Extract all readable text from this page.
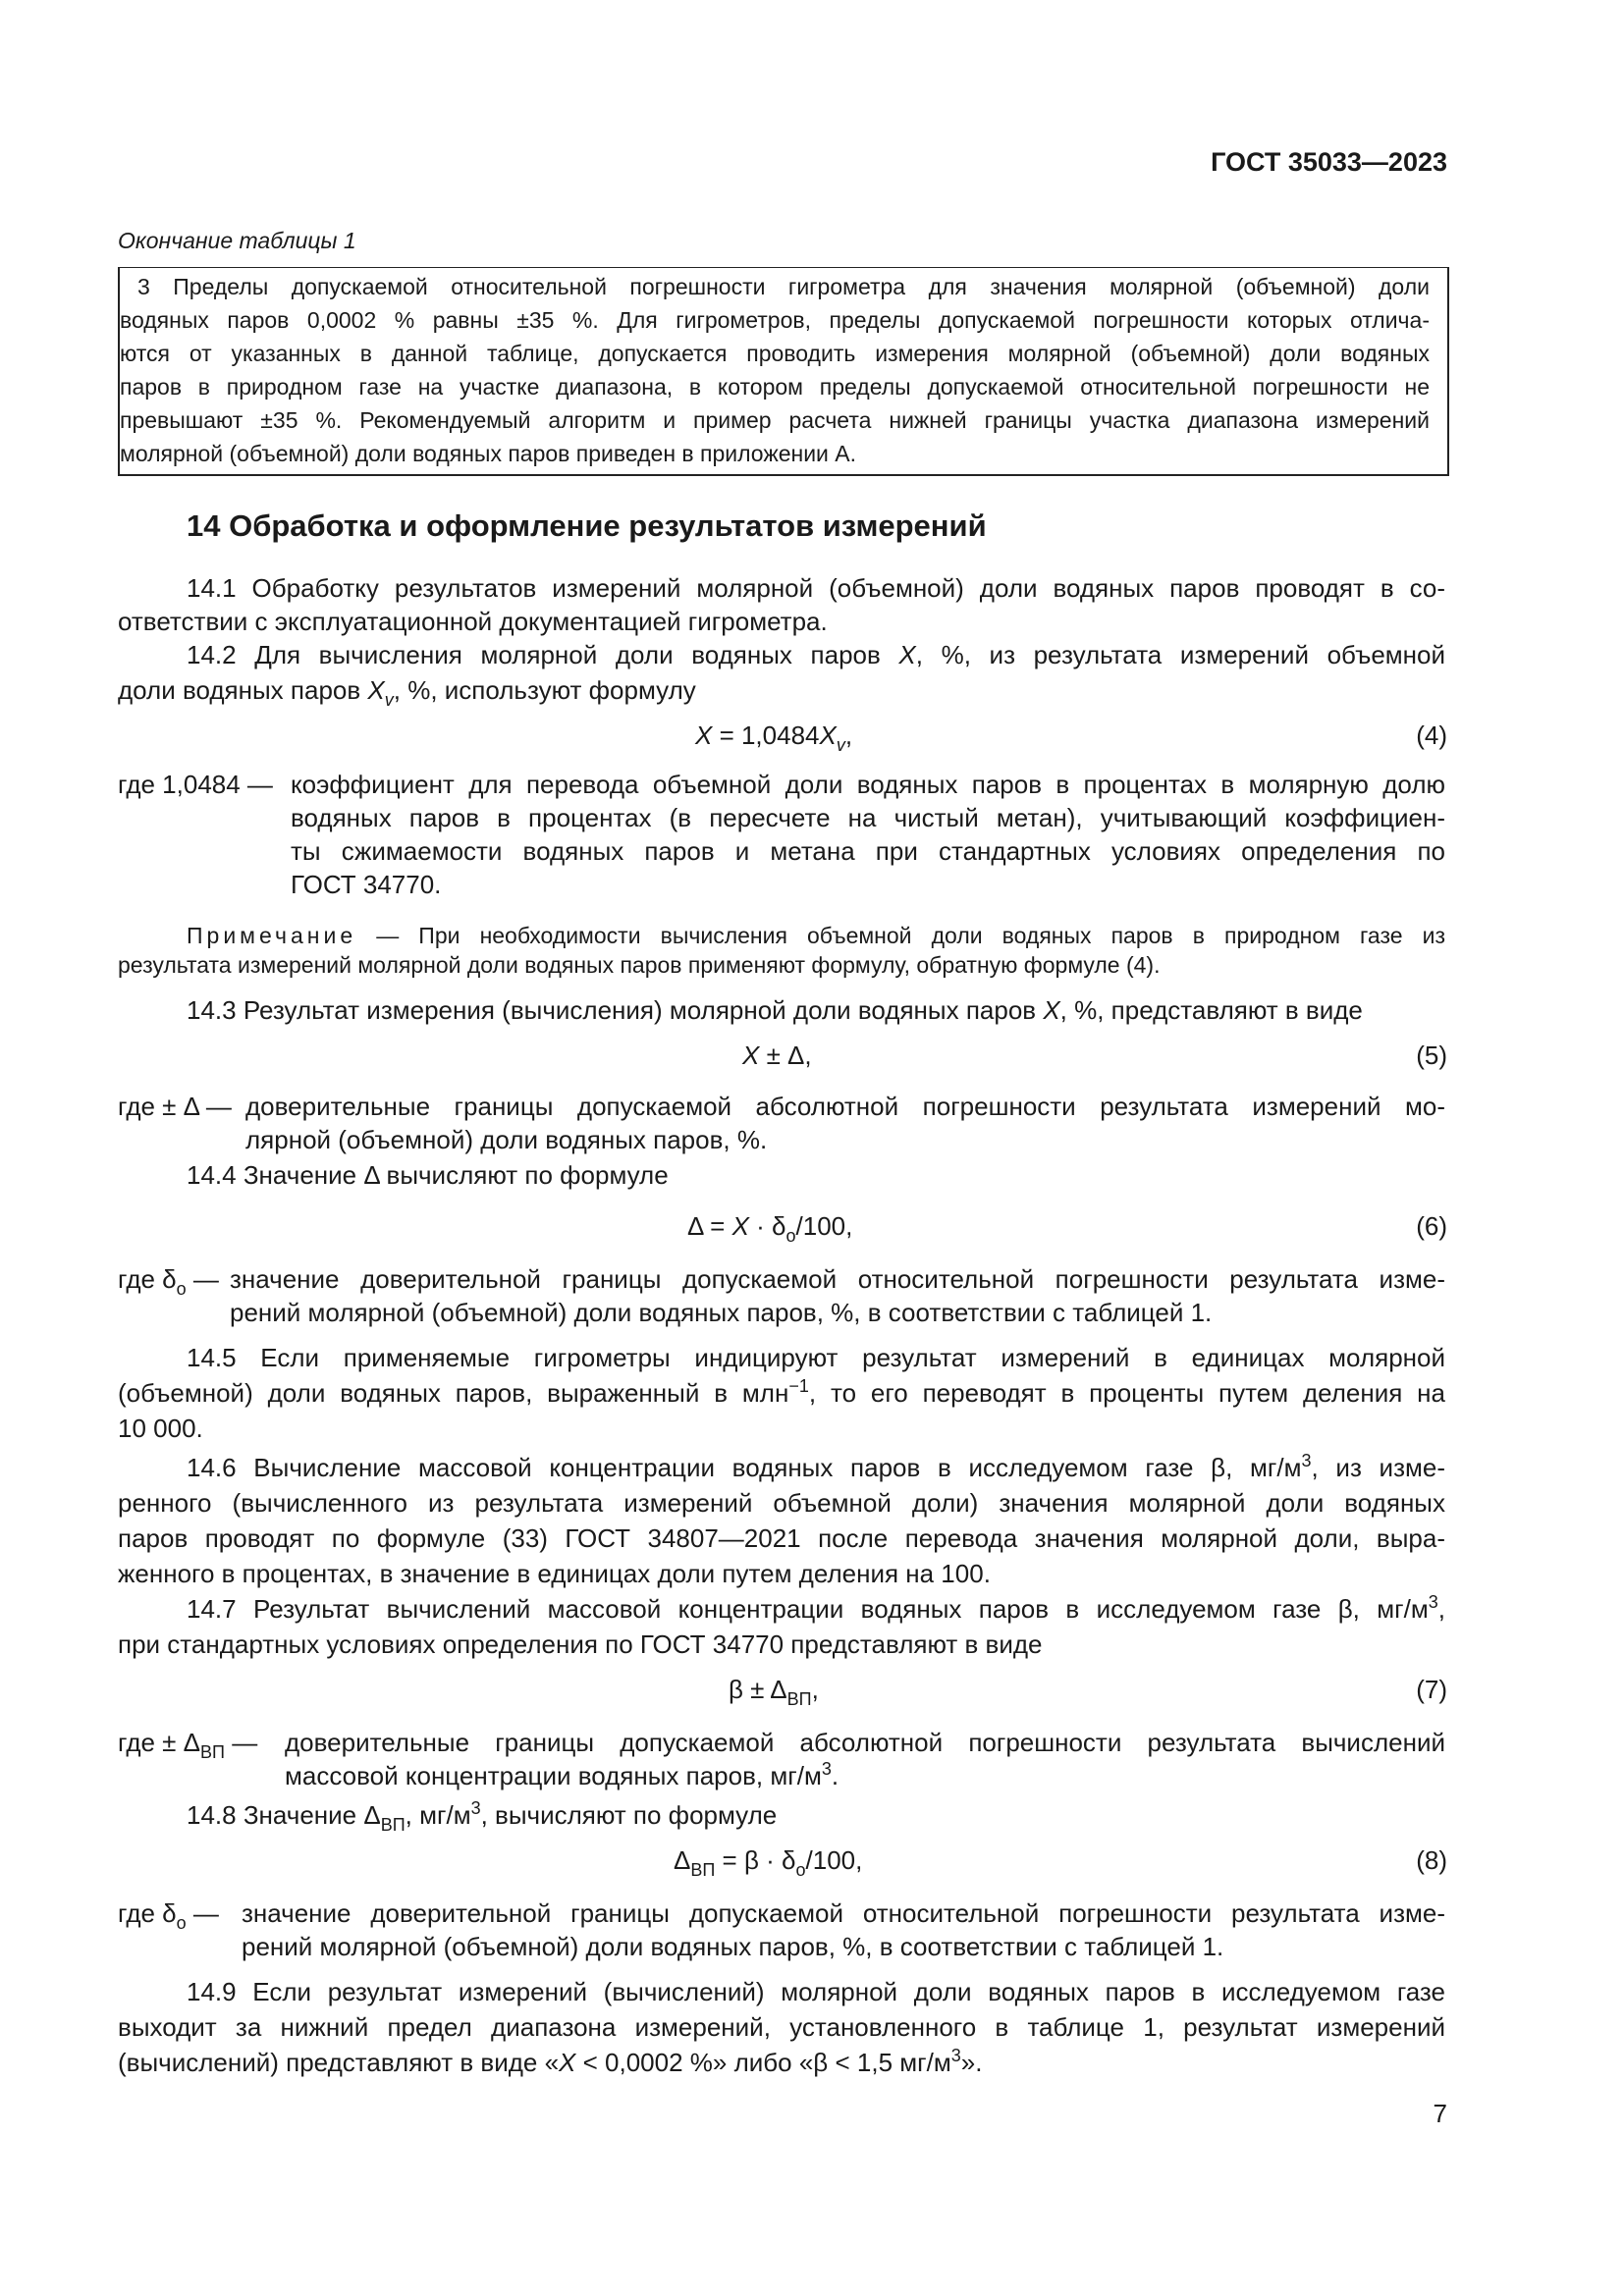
ГОСТ 35033—2023
Окончание таблицы 1
3 Пределы допускаемой относительной погрешности гигрометра для значения молярной (объемной) доли
водяных паров 0,0002 % равны ±35 %. Для гигрометров, пределы допускаемой погрешности которых отлича-
ются от указанных в данной таблице, допускается проводить измерения молярной (объемной) доли водяных
паров в природном газе на участке диапазона, в котором пределы допускаемой относительной погрешности не
превышают ±35 %. Рекомендуемый алгоритм и пример расчета нижней границы участка диапазона измерений
молярной (объемной) доли водяных паров приведен в приложении А.
14 Обработка и оформление результатов измерений
14.1 Обработку результатов измерений молярной (объемной) доли водяных паров проводят в со-
ответствии с эксплуатационной документацией гигрометра.
14.2 Для вычисления молярной доли водяных паров X, %, из результата измерений объемной
доли водяных паров $X_v$, %, используют формулу
$X = 1,0484X_v$,	(4)
где 1,0484 — коэффициент для перевода объемной доли водяных паров в процентах в молярную долю
водяных паров в процентах (в пересчете на чистый метан), учитывающий коэффициен-
ты сжимаемости водяных паров и метана при стандартных условиях определения по
ГОСТ 34770.
Примечание — При необходимости вычисления объемной доли водяных паров в природном газе из
результата измерений молярной доли водяных паров применяют формулу, обратную формуле (4).
14.3 Результат измерения (вычисления) молярной доли водяных паров X, %, представляют в виде
X ± Δ,	(5)
где ± Δ — доверительные границы допускаемой абсолютной погрешности результата измерений мо-
лярной (объемной) доли водяных паров, %.
14.4 Значение Δ вычисляют по формуле
$\Delta = X \cdot \delta_o/100$,	(6)
где $\delta_o$ — значение доверительной границы допускаемой относительной погрешности результата изме-
рений молярной (объемной) доли водяных паров, %, в соответствии с таблицей 1.
14.5 Если применяемые гигрометры индицируют результат измерений в единицах молярной
(объемной) доли водяных паров, выраженный в млн$^{-1}$, то его переводят в проценты путем деления на
10 000.
14.6 Вычисление массовой концентрации водяных паров в исследуемом газе β, $мг/м^3$, из изме-
ренного (вычисленного из результата измерений объемной доли) значения молярной доли водяных
паров проводят по формуле (33) ГОСТ 34807—2021 после перевода значения молярной доли, выра-
женного в процентах, в значение в единицах доли путем деления на 100.
14.7 Результат вычислений массовой концентрации водяных паров в исследуемом газе β, $мг/м^3$,
при стандартных условиях определения по ГОСТ 34770 представляют в виде
$\beta \pm \Delta_{ВП}$,	(7)
где ± $\Delta_{ВП}$ — доверительные границы допускаемой абсолютной погрешности результата вычислений
массовой концентрации водяных паров, $мг/м^3$.
14.8 Значение $\Delta_{ВП}$, $мг/м^3$, вычисляют по формуле
$\Delta_{ВП} = \beta \cdot \delta_o/100$,	(8)
где $\delta_o$ — значение доверительной границы допускаемой относительной погрешности результата изме-
рений молярной (объемной) доли водяных паров, %, в соответствии с таблицей 1.
14.9 Если результат измерений (вычислений) молярной доли водяных паров в исследуемом газе
выходит за нижний предел диапазона измерений, установленного в таблице 1, результат измерений
(вычислений) представляют в виде «X < 0,0002 %» либо «β < 1,5 $мг/м^3$».
7
